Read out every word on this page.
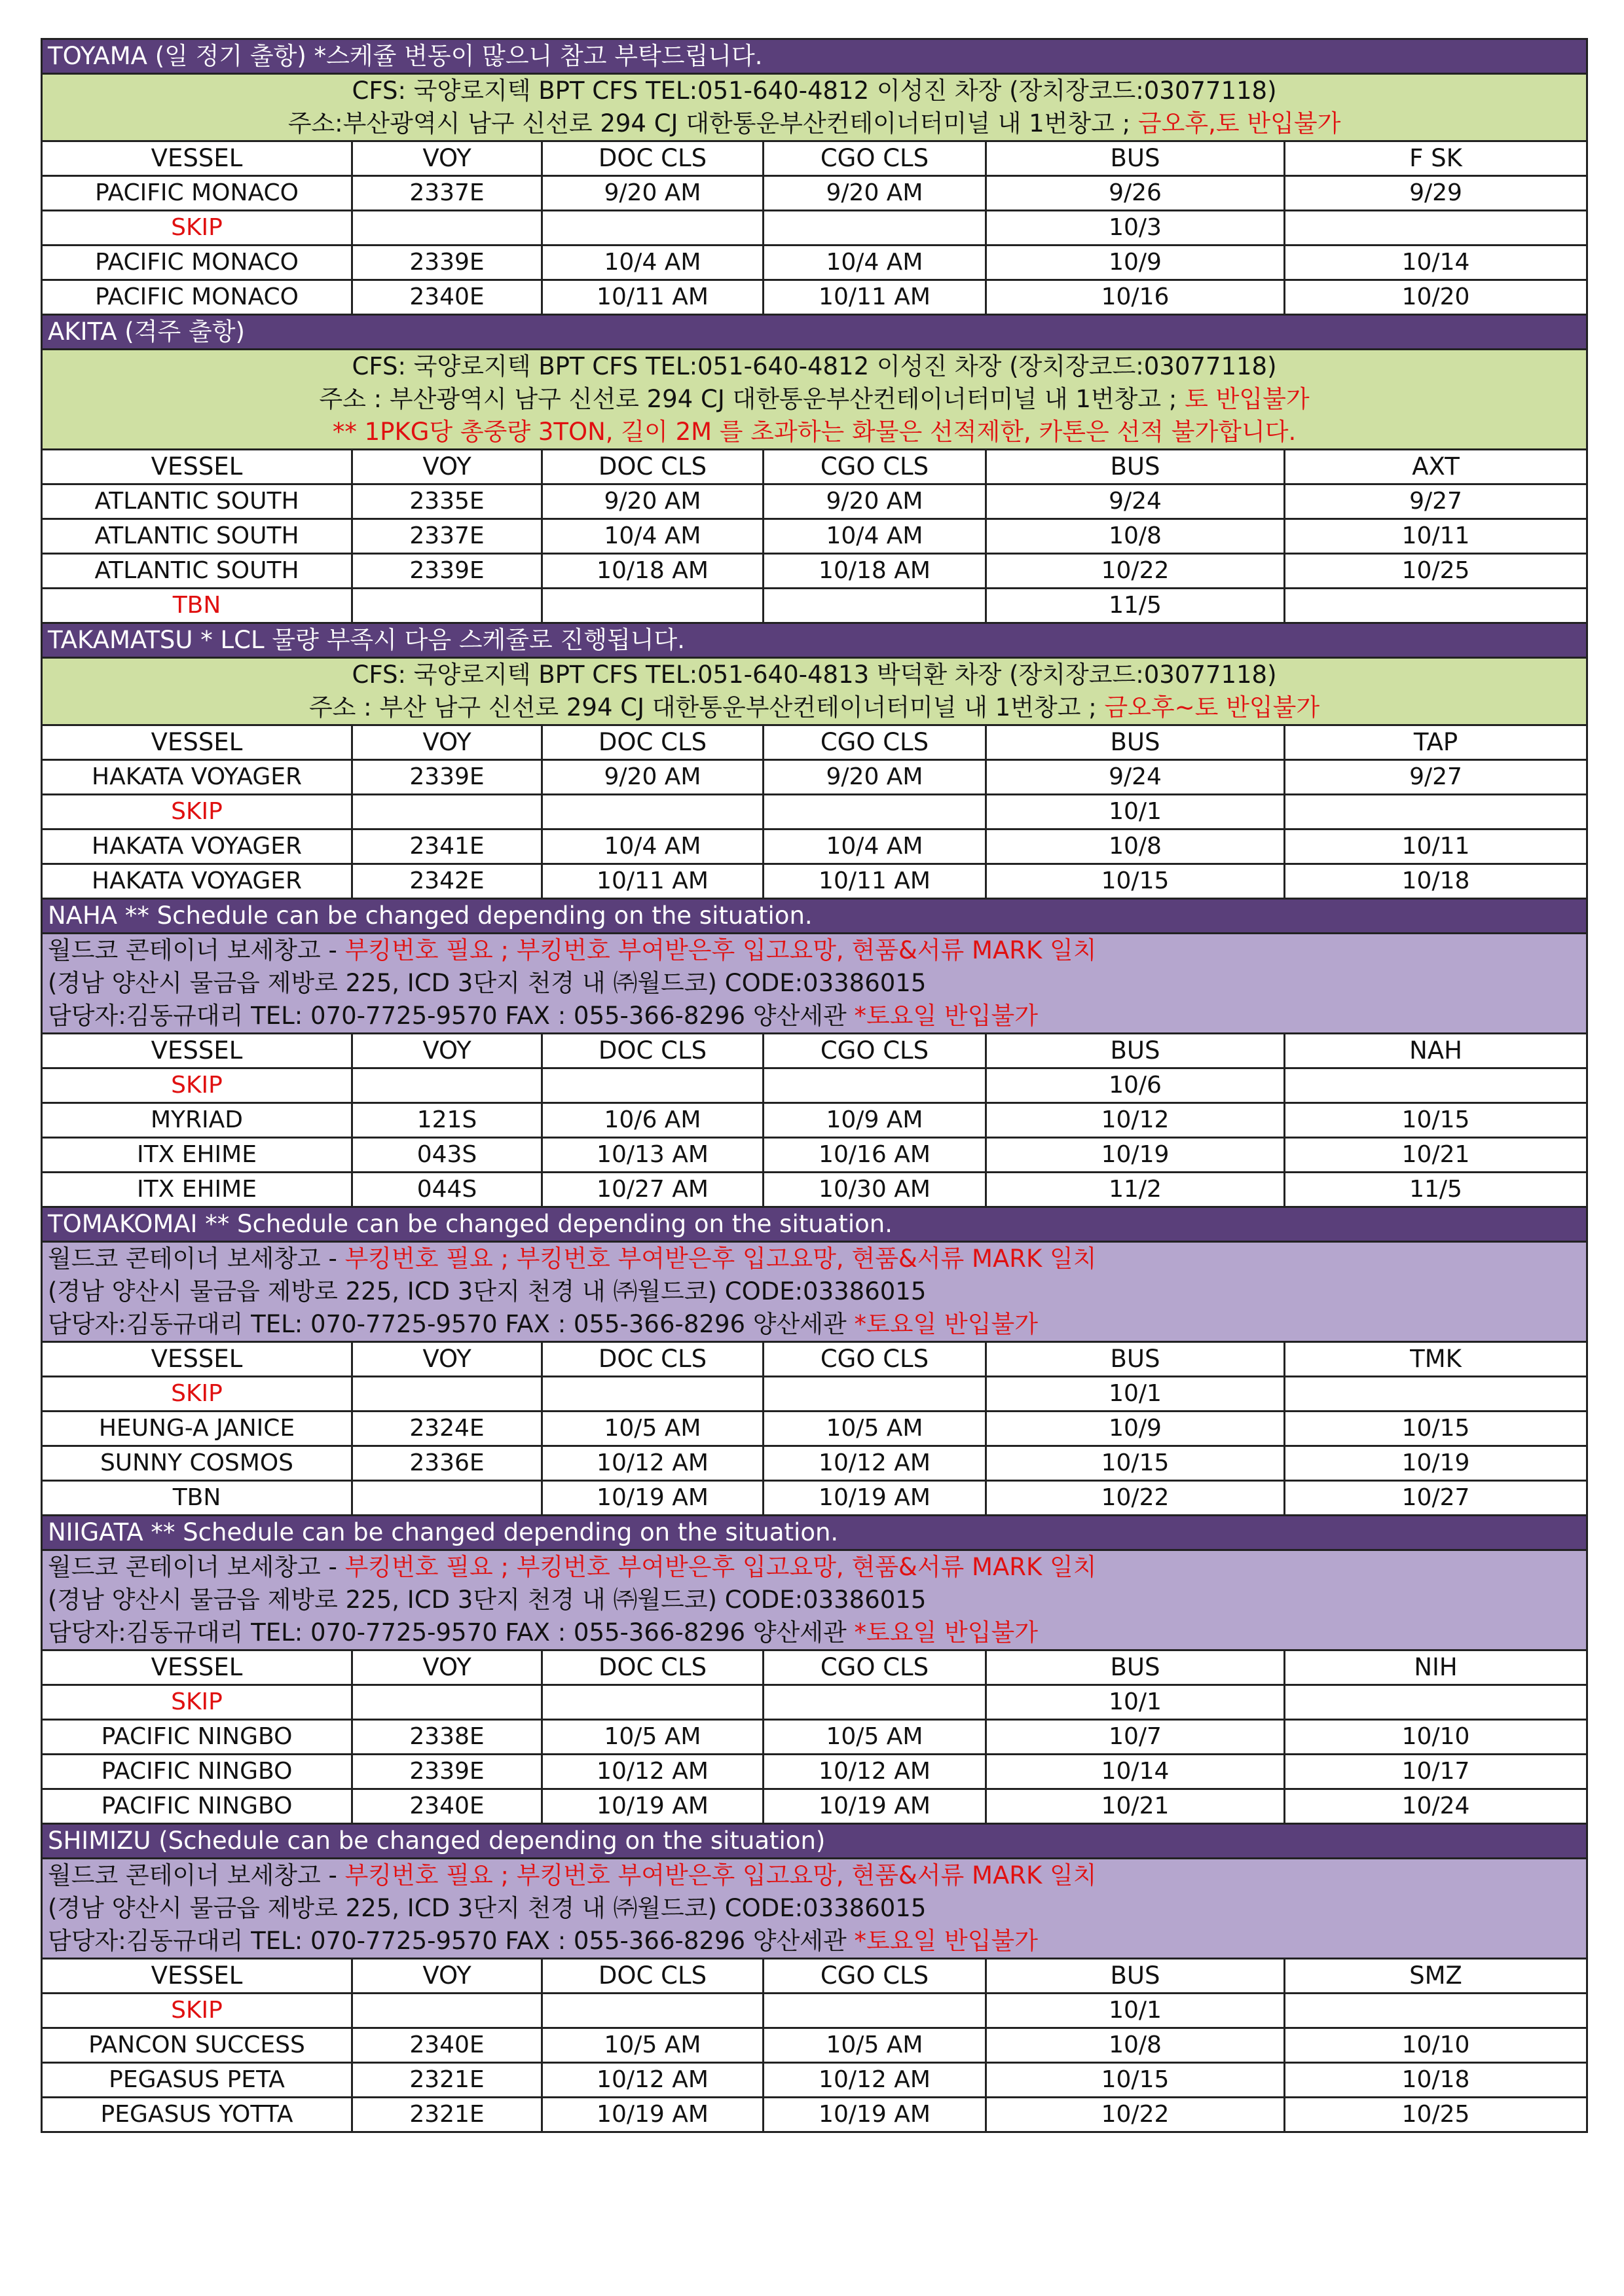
TOYAMA (일 정기 출항) *스케쥴 변동이 많으니 참고 부탁드립니다.					
CFS: 국양로지텍 BPT CFS TEL:051-640-4812 이성진 차장 (장치장코드:03077118)					
주소:부산광역시 남구 신선로 294 CJ 대한통운부산컨테이너터미널 내 1번창고 ; 금오후,토 반입불가					
VESSEL	VOY	DOC CLS	CGO CLS	BUS	F SK
PACIFIC MONACO	2337E	9/20 AM	9/20 AM	9/26	9/29
SKIP				10/3	
PACIFIC MONACO	2339E	10/4 AM	10/4 AM	10/9	10/14
PACIFIC MONACO	2340E	10/11 AM	10/11 AM	10/16	10/20
AKITA (격주 출항)					
CFS: 국양로지텍 BPT CFS TEL:051-640-4812 이성진 차장 (장치장코드:03077118)					
주소 : 부산광역시 남구 신선로 294 CJ 대한통운부산컨테이너터미널 내 1번창고 ; 토 반입불가					
** 1PKG당 총중량 3TON, 길이 2M 를 초과하는 화물은 선적제한, 카톤은 선적 불가합니다.					
VESSEL	VOY	DOC CLS	CGO CLS	BUS	AXT
ATLANTIC SOUTH	2335E	9/20 AM	9/20 AM	9/24	9/27
ATLANTIC SOUTH	2337E	10/4 AM	10/4 AM	10/8	10/11
ATLANTIC SOUTH	2339E	10/18 AM	10/18 AM	10/22	10/25
TBN				11/5	
TAKAMATSU * LCL 물량 부족시 다음 스케쥴로 진행됩니다.					
CFS: 국양로지텍 BPT CFS TEL:051-640-4813 박덕환 차장 (장치장코드:03077118)					
주소 : 부산 남구 신선로 294 CJ 대한통운부산컨테이너터미널 내 1번창고 ; 금오후~토 반입불가					
VESSEL	VOY	DOC CLS	CGO CLS	BUS	TAP
HAKATA VOYAGER	2339E	9/20 AM	9/20 AM	9/24	9/27
SKIP				10/1	
HAKATA VOYAGER	2341E	10/4 AM	10/4 AM	10/8	10/11
HAKATA VOYAGER	2342E	10/11 AM	10/11 AM	10/15	10/18
NAHA ** Schedule can be changed depending on the situation.					
월드코 콘테이너 보세창고 - 부킹번호 필요 ; 부킹번호 부여받은후 입고요망, 현품&서류 MARK 일치					
(경남 양산시 물금읍 제방로 225, ICD 3단지 천경 내 ㈜월드코) CODE:03386015					
담당자:김동규대리 TEL: 070-7725-9570 FAX : 055-366-8296 양산세관 *토요일 반입불가					
VESSEL	VOY	DOC CLS	CGO CLS	BUS	NAH
SKIP				10/6	
MYRIAD	121S	10/6 AM	10/9 AM	10/12	10/15
ITX EHIME	043S	10/13 AM	10/16 AM	10/19	10/21
ITX EHIME	044S	10/27 AM	10/30 AM	11/2	11/5
TOMAKOMAI ** Schedule can be changed depending on the situation.					
월드코 콘테이너 보세창고 - 부킹번호 필요 ; 부킹번호 부여받은후 입고요망, 현품&서류 MARK 일치					
(경남 양산시 물금읍 제방로 225, ICD 3단지 천경 내 ㈜월드코) CODE:03386015					
담당자:김동규대리 TEL: 070-7725-9570 FAX : 055-366-8296 양산세관 *토요일 반입불가					
VESSEL	VOY	DOC CLS	CGO CLS	BUS	TMK
SKIP				10/1	
HEUNG-A JANICE	2324E	10/5 AM	10/5 AM	10/9	10/15
SUNNY COSMOS	2336E	10/12 AM	10/12 AM	10/15	10/19
TBN		10/19 AM	10/19 AM	10/22	10/27
NIIGATA ** Schedule can be changed depending on the situation.					
월드코 콘테이너 보세창고 - 부킹번호 필요 ; 부킹번호 부여받은후 입고요망, 현품&서류 MARK 일치					
(경남 양산시 물금읍 제방로 225, ICD 3단지 천경 내 ㈜월드코) CODE:03386015					
담당자:김동규대리 TEL: 070-7725-9570 FAX : 055-366-8296 양산세관 *토요일 반입불가					
VESSEL	VOY	DOC CLS	CGO CLS	BUS	NIH
SKIP				10/1	
PACIFIC NINGBO	2338E	10/5 AM	10/5 AM	10/7	10/10
PACIFIC NINGBO	2339E	10/12 AM	10/12 AM	10/14	10/17
PACIFIC NINGBO	2340E	10/19 AM	10/19 AM	10/21	10/24
SHIMIZU (Schedule can be changed depending on the situation)					
월드코 콘테이너 보세창고 - 부킹번호 필요 ; 부킹번호 부여받은후 입고요망, 현품&서류 MARK 일치					
(경남 양산시 물금읍 제방로 225, ICD 3단지 천경 내 ㈜월드코) CODE:03386015					
담당자:김동규대리 TEL: 070-7725-9570 FAX : 055-366-8296 양산세관 *토요일 반입불가					
VESSEL	VOY	DOC CLS	CGO CLS	BUS	SMZ
SKIP				10/1	
PANCON SUCCESS	2340E	10/5 AM	10/5 AM	10/8	10/10
PEGASUS PETA	2321E	10/12 AM	10/12 AM	10/15	10/18
PEGASUS YOTTA	2321E	10/19 AM	10/19 AM	10/22	10/25
